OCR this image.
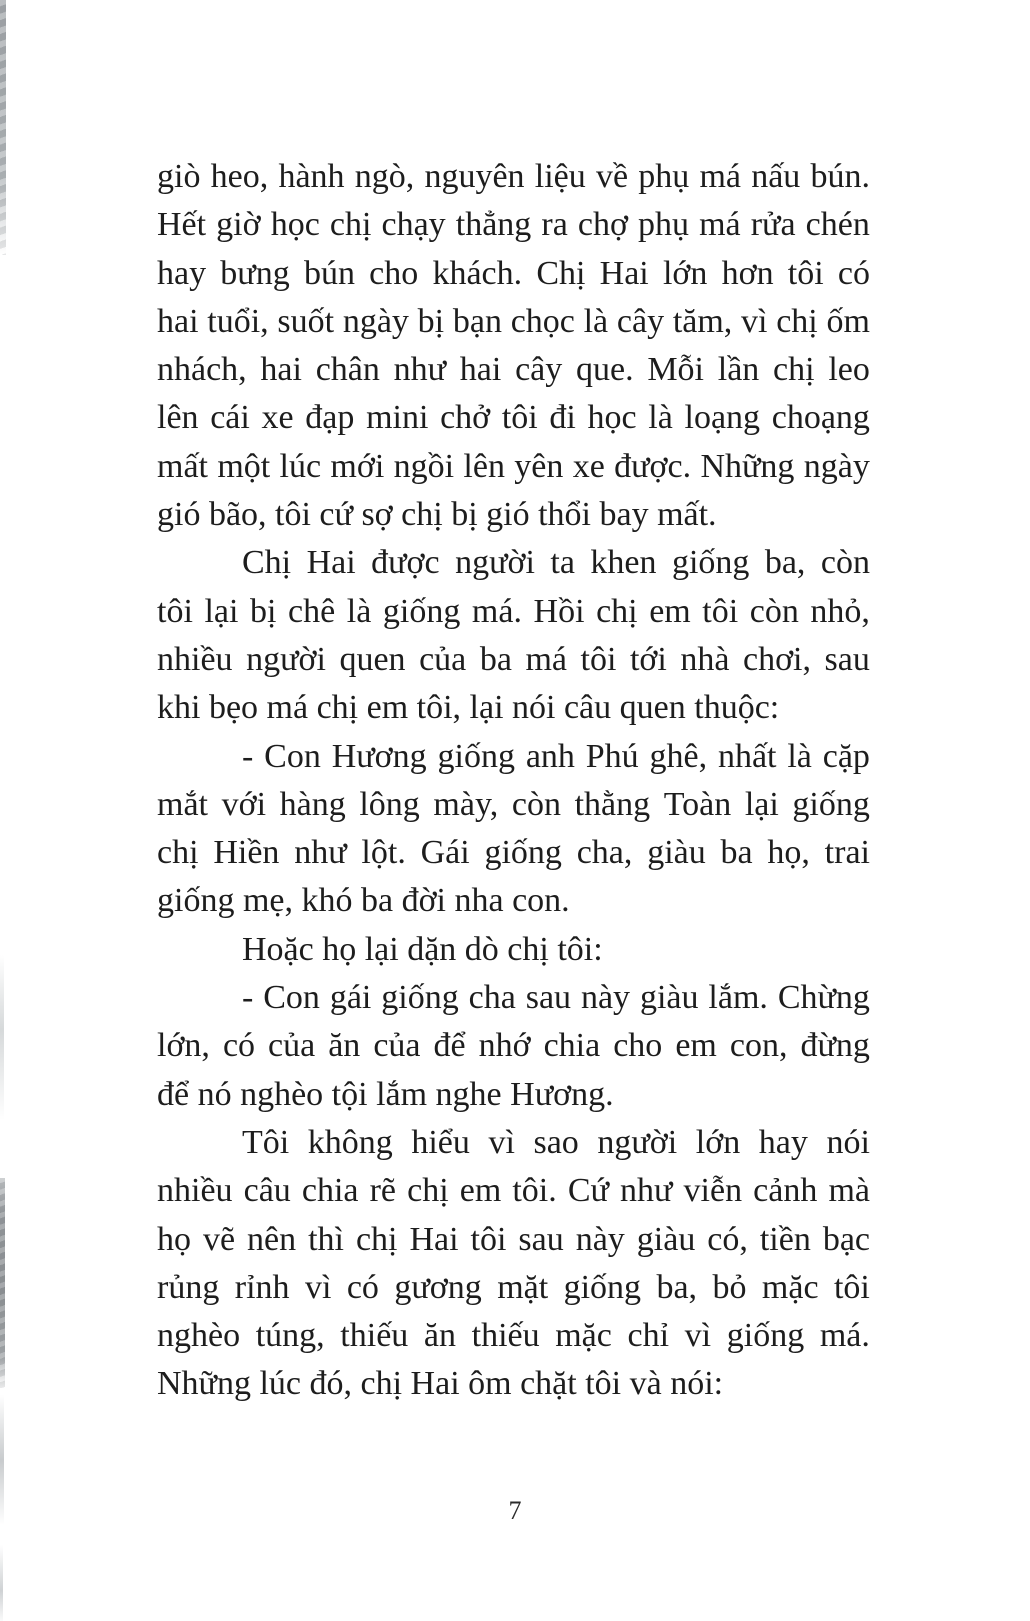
giò heo, hành ngò, nguyên liệu về phụ má nấu bún.
Hết giờ học chị chạy thẳng ra chợ phụ má rửa chén
hay bưng bún cho khách. Chị Hai lớn hơn tôi có
hai tuổi, suốt ngày bị bạn chọc là cây tăm, vì chị ốm
nhách, hai chân như hai cây que. Mỗi lần chị leo
lên cái xe đạp mini chở tôi đi học là loạng choạng
mất một lúc mới ngồi lên yên xe được. Những ngày
gió bão, tôi cứ sợ chị bị gió thổi bay mất.
Chị Hai được người ta khen giống ba, còn
tôi lại bị chê là giống má. Hồi chị em tôi còn nhỏ,
nhiều người quen của ba má tôi tới nhà chơi, sau
khi bẹo má chị em tôi, lại nói câu quen thuộc:
- Con Hương giống anh Phú ghê, nhất là cặp
mắt với hàng lông mày, còn thằng Toàn lại giống
chị Hiền như lột. Gái giống cha, giàu ba họ, trai
giống mẹ, khó ba đời nha con.
Hoặc họ lại dặn dò chị tôi:
- Con gái giống cha sau này giàu lắm. Chừng
lớn, có của ăn của để nhớ chia cho em con, đừng
để nó nghèo tội lắm nghe Hương.
Tôi không hiểu vì sao người lớn hay nói
nhiều câu chia rẽ chị em tôi. Cứ như viễn cảnh mà
họ vẽ nên thì chị Hai tôi sau này giàu có, tiền bạc
rủng rỉnh vì có gương mặt giống ba, bỏ mặc tôi
nghèo túng, thiếu ăn thiếu mặc chỉ vì giống má.
Những lúc đó, chị Hai ôm chặt tôi và nói:
7
